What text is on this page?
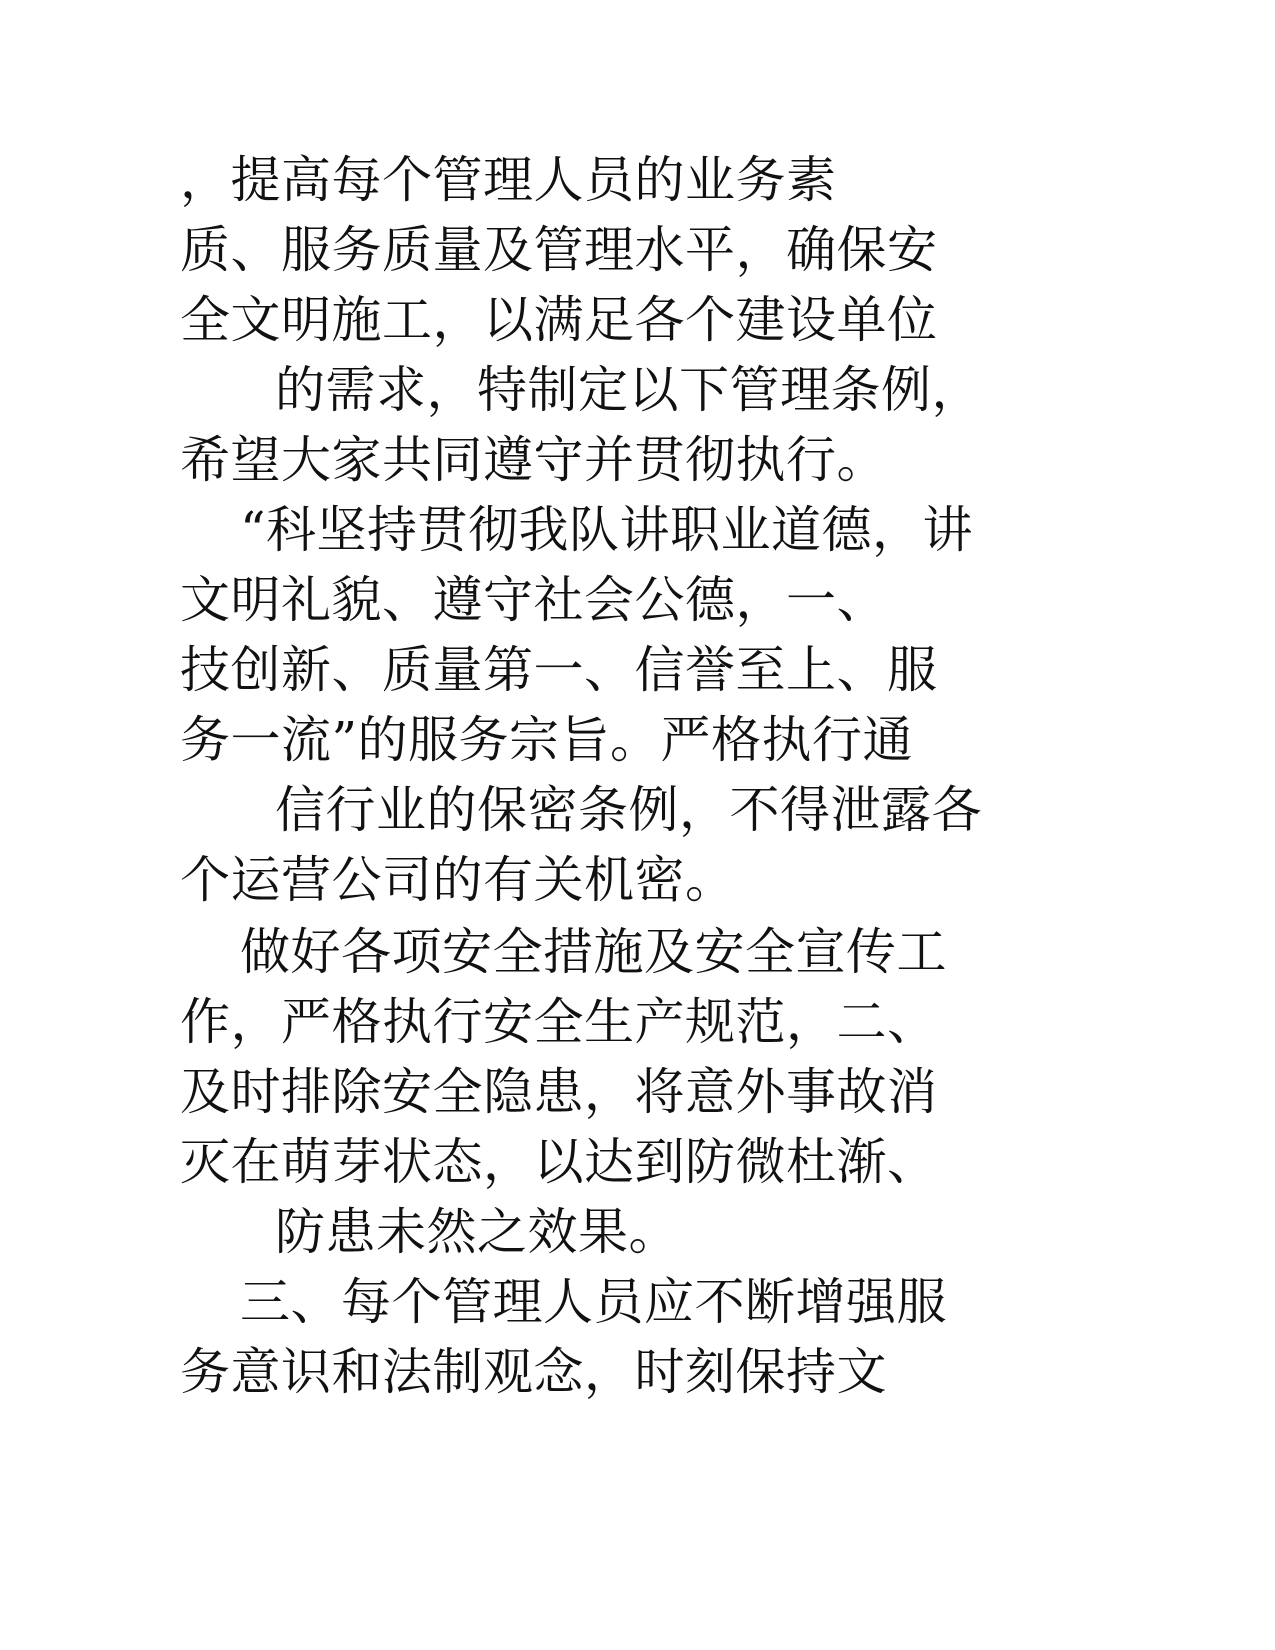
，提高每个管理人员的业务素
质、服务质量及管理水平，确保安
全文明施工，以满足各个建设单位
的需求，特制定以下管理条例，
希望大家共同遵守并贯彻执行。
“科坚持贯彻我队讲职业道德，讲
文明礼貌、遵守社会公德，一、
技创新、质量第一、信誉至上、服
务一流”的服务宗旨。严格执行通
信行业的保密条例，不得泄露各
个运营公司的有关机密。
做好各项安全措施及安全宣传工
作，严格执行安全生产规范，二、
及时排除安全隐患，将意外事故消
灭在萌芽状态，以达到防微杜渐、
防患未然之效果。
三、每个管理人员应不断增强服
务意识和法制观念，时刻保持文
